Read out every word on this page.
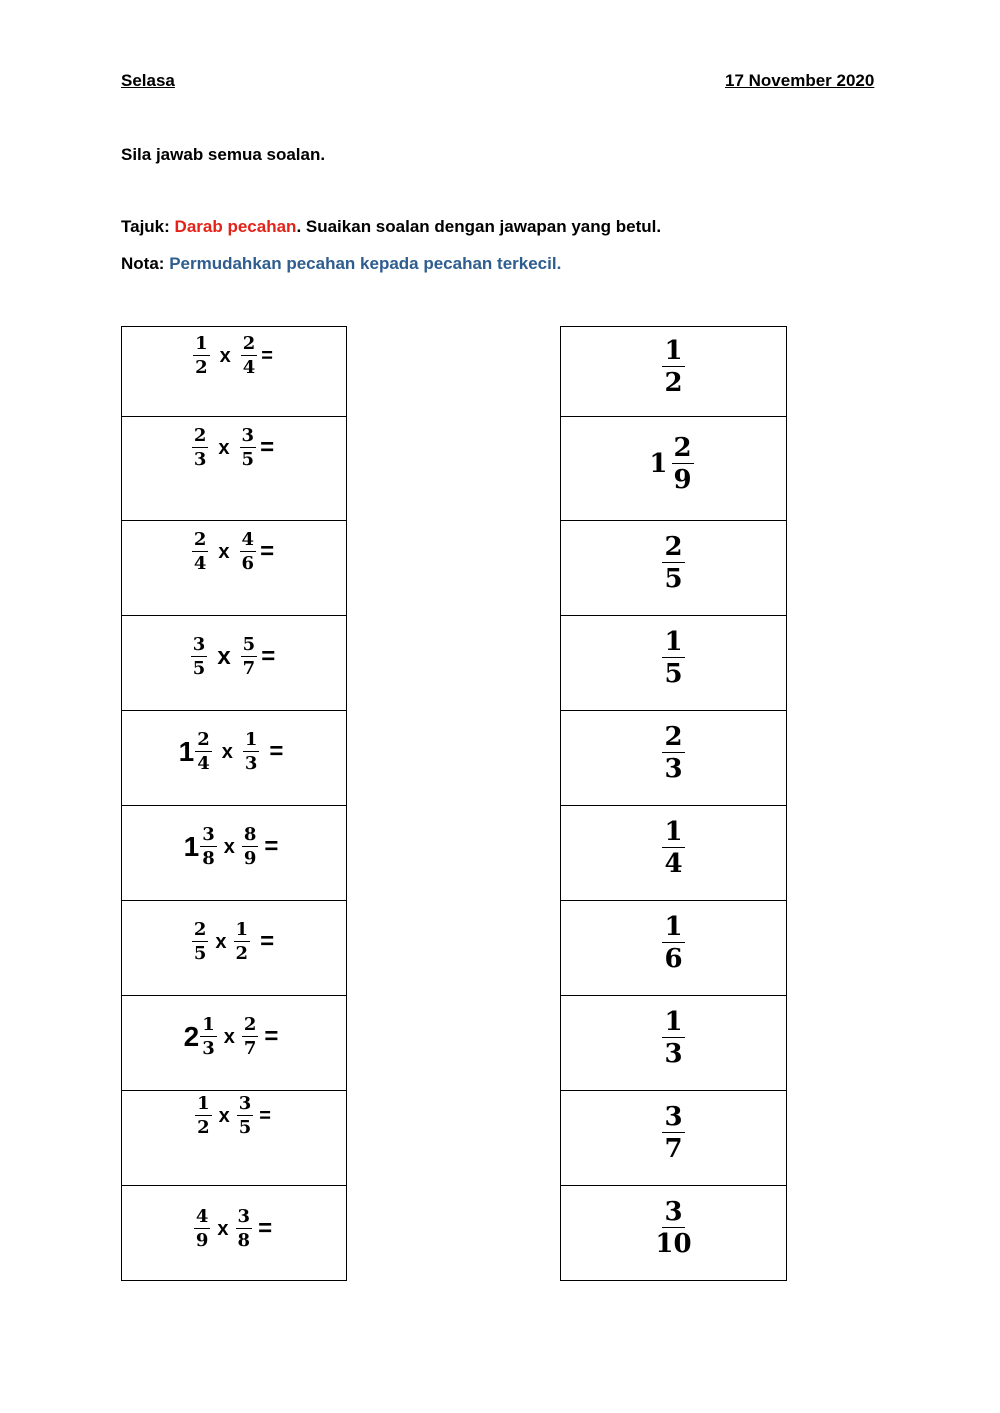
Selasa	17 November 2020
Sila jawab semua soalan.
Tajuk: Darab pecahan. Suaikan soalan dengan jawapan yang betul.
Nota: Permudahkan pecahan kepada pecahan terkecil.
$\frac{1}{2}$ x $\frac{2}{4}$ =
$\frac{2}{3}$ x $\frac{3}{5}$ =
$\frac{2}{4}$ x $\frac{4}{6}$ =
$\frac{3}{5}$ x $\frac{5}{7}$ =
$1 \frac{2}{4}$ x $\frac{1}{3}$ =
$1 \frac{3}{8}$ x $\frac{8}{9}$ =
$\frac{2}{5}$ x $\frac{1}{2}$ =
$2 \frac{1}{3}$ x $\frac{2}{7}$ =
$\frac{1}{2}$ x $\frac{3}{5}$ =
$\frac{4}{9}$ x $\frac{3}{8}$ =
$\frac{1}{2}$
$1 \frac{2}{9}$
$\frac{2}{5}$
$\frac{1}{5}$
$\frac{2}{3}$
$\frac{1}{4}$
$\frac{1}{6}$
$\frac{1}{3}$
$\frac{3}{7}$
$\frac{3}{10}$
